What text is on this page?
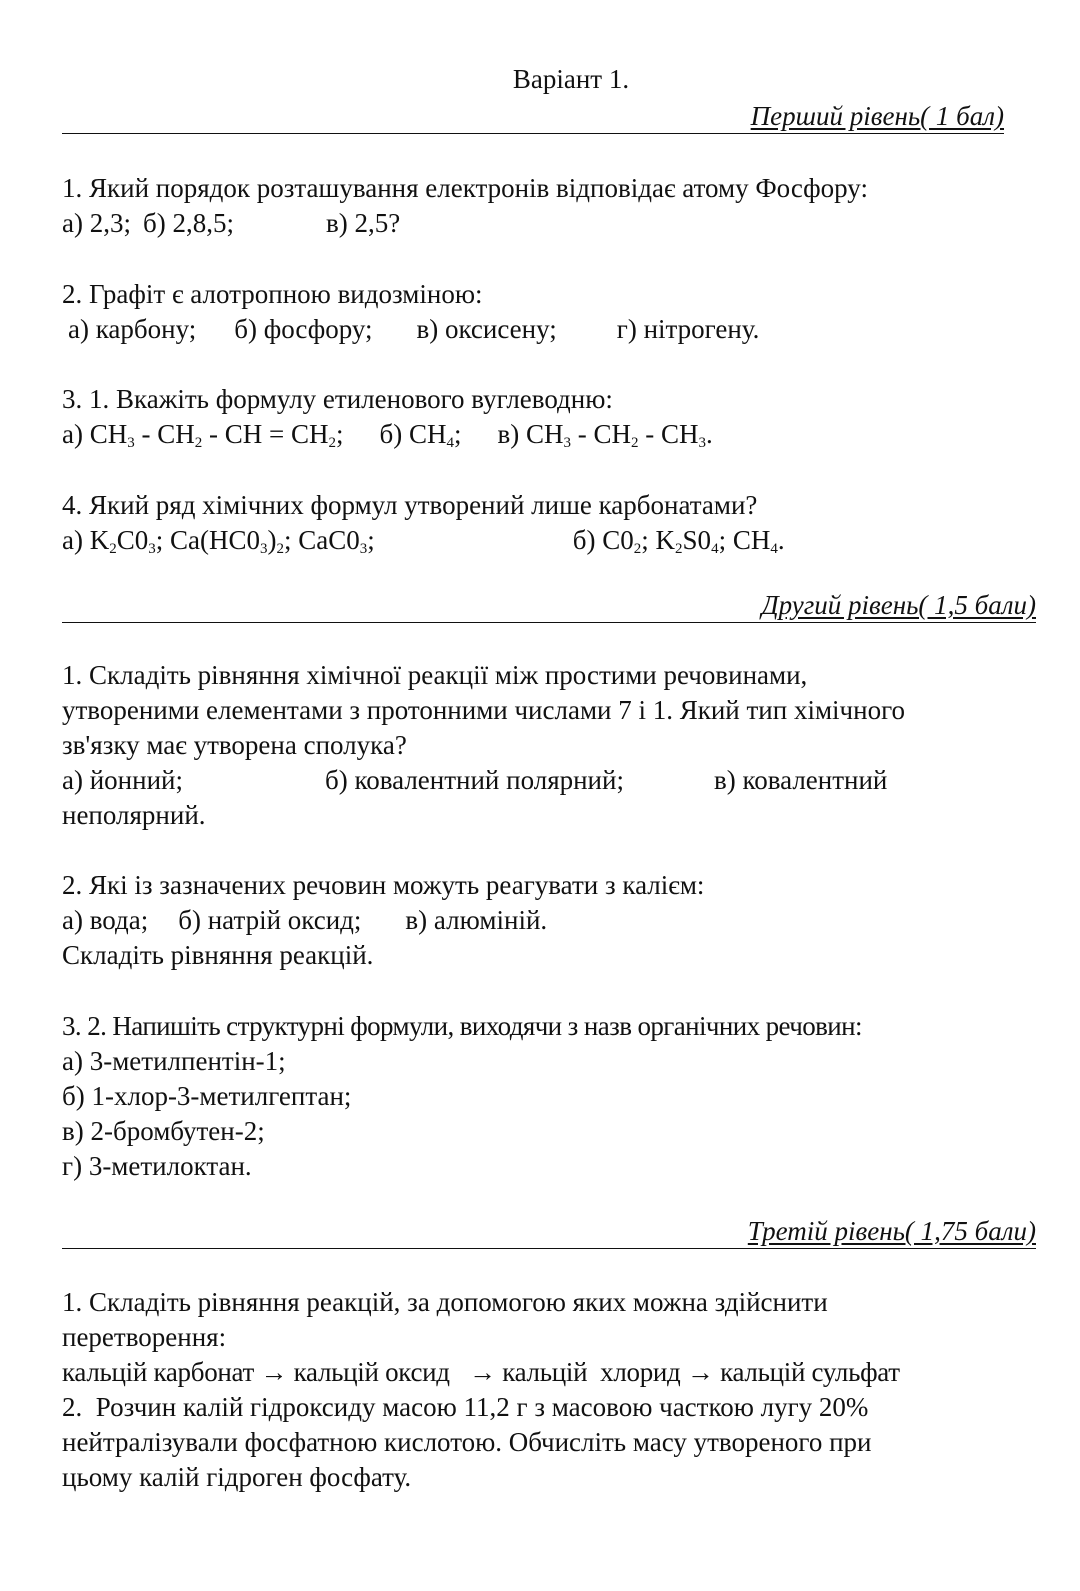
Варіант 1.
Перший рівень( 1 бал)
1. Який порядок розташування електронів відповідає атому Фосфору:
а) 2,3; б) 2,8,5;	в) 2,5?
2. Графіт є алотропною видозміною:
а) карбону; б) фосфору; в) оксисену; г) нітрогену.
3. 1. Вкажіть формулу етиленового вуглеводню:
а) $CH_3 - CH_2$ - CH = $CH_2$; б) $CH_4$; в) $CH_3 - CH_2 - CH_3$.
4. Який ряд хімічних формул утворений лише карбонатами?
а) $K_2C0_3$; $Ca(HC0_3)_2$; $CaC0_3$;	б) $C0_2$; $K_2S0_4$; $CH_4$.
Другий рівень( 1,5 бали)
1. Складіть рівняння хімічної реакції між простими речовинами,
утвореними елементами з протонними числами 7 і 1. Який тип хімічного
зв'язку має утворена сполука?
а) йонний;	б) ковалентний полярний;	в) ковалентний
неполярний.
2. Які із зазначених речовин можуть реагувати з калієм:
а) вода; б) натрій оксид; в) алюміній.
Складіть рівняння реакцій.
3. 2. Напишіть структурні формули, виходячи з назв органічних речовин:
а) 3-метилпентін-1;
б) 1-хлор-3-метилгептан;
в) 2-бромбутен-2;
г) 3-метилоктан.
Третій рівень( 1,75 бали)
1. Складіть рівняння реакцій, за допомогою яких можна здійснити
перетворення:
кальцій карбонат → кальцій оксид   → кальцій  хлорид → кальцій сульфат
2.  Розчин калій гідроксиду масою 11,2 г з масовою часткою лугу 20%
нейтралізували фосфатною кислотою. Обчисліть масу утвореного при
цьому калій гідроген фосфату.
